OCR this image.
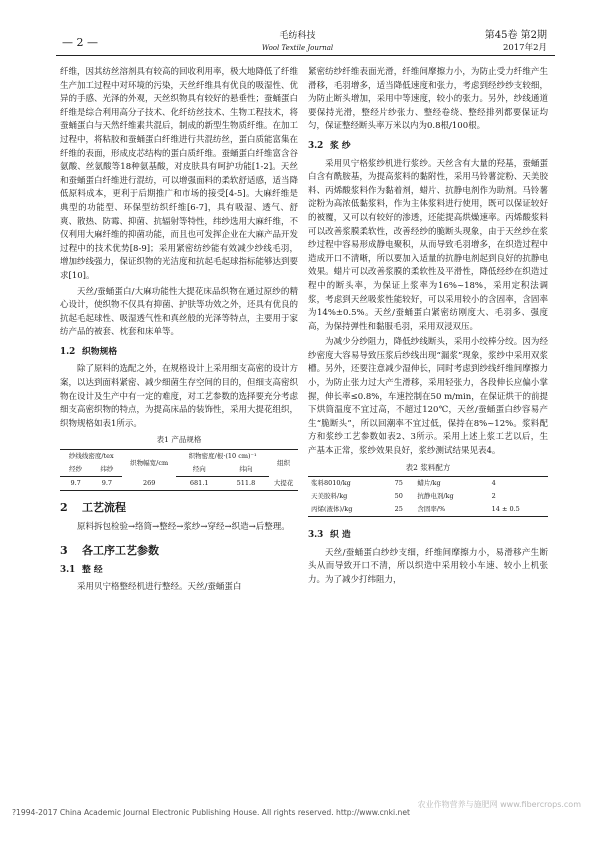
— 2 —	毛纺科技
Wool Textile Journal
第45卷 第2期
2017年2月

纤维，因其纺丝溶剂具有较高的回收利用率，极大地降低了纤维生产加工过程中对环境的污染，天丝纤维具有优良的吸湿性、优异的手感、光泽的外观，天丝织物具有较好的悬垂性；蚕蛹蛋白纤维是综合利用高分子技术、化纤纺丝技术、生物工程技术，将蚕蛹蛋白与天然纤维素共混后，制成的新型生物质纤维。在加工过程中，将粘胶和蚕蛹蛋白纤维进行共混纺丝，蛋白质能富集在纤维的表面，形成皮芯结构的蛋白质纤维。蚕蛹蛋白纤维富含谷氨酸、丝氨酸等18种氨基酸，对皮肤具有呵护功能[1-2]。天丝和蚕蛹蛋白纤维进行混纺，可以增强面料的柔软舒适感，适当降低原料成本，更利于后期推广和市场的接受[4-5]。大麻纤维是典型的功能型、环保型纺织纤维[6-7]，具有吸湿、透气、舒爽、散热、防霉、抑菌、抗辐射等特性，纬纱选用大麻纤维，不仅利用大麻纤维的抑菌功能，而且也可发挥企业在大麻产品开发过程中的技术优势[8-9]；采用紧密纺纱能有效减少纱线毛羽，增加纱线强力，保证织物的光洁度和抗起毛起球指标能够达到要求[10]。

天丝/蚕蛹蛋白/大麻功能性大提花床品织物在通过原纱的精心设计，使织物不仅具有抑菌、护肤等功效之外，还具有优良的抗起毛起球性、吸湿透气性和真丝般的光泽等特点，主要用于家纺产品的被套、枕套和床单等。

1.2 织物规格

除了原料的选配之外，在规格设计上采用细支高密的设计方案，以达到面料紧密、减少细菌生存空间的目的，但细支高密织物在设计及生产中有一定的难度，对工艺参数的选择要充分考虑细支高密织物的特点，为提高床品的装饰性，采用大提花组织，织物规格如表1所示。

表1 产品规格
纱线线密度/tex		织物幅宽/cm	织物密度/根·(10 cm)⁻¹		组织
经纱	纬纱		经向	纬向	
9.7	9.7	269	681.1	511.8	大提花
2 工艺流程

原料拆包检验→络筒→整经→浆纱→穿经→织造→后整理。

3 各工序工艺参数
3.1 整 经

采用贝宁格整经机进行整经。天丝/蚕蛹蛋白

紧密纺纱纤维表面光滑，纤维间摩擦力小，为防止受力纤维产生滑移，毛羽增多，适当降低速度和张力，考虑到经纱纱支较细，为防止断头增加，采用中等速度，较小的张力。另外，纱线通道要保持光滑，整经片纱张力、整经卷绕、整经排列都要保证均匀，保证整经断头率万米以内为0.8根/100根。

3.2 浆 纱

采用贝宁格浆纱机进行浆纱。天丝含有大量的羟基，蚕蛹蛋白含有酰胺基，为提高浆料的黏附性，采用马铃薯淀粉、天美胶料、丙烯酸浆料作为黏着剂，蜡片、抗静电剂作为助剂。马铃薯淀粉为高浓低黏浆料，作为主体浆料进行使用，既可以保证较好的被覆，又可以有较好的渗透，还能提高烘燥速率。丙烯酸浆料可以改善浆膜柔软性，改善经纱的脆断头现象，由于天丝纱在浆纱过程中容易形成静电聚积，从而导致毛羽增多，在织造过程中造成开口不清晰，所以要加入适量的抗静电剂起到良好的抗静电效果。蜡片可以改善浆膜的柔软性及平滑性，降低经纱在织造过程中的断头率，为保证上浆率为16%~18%，采用定积法调浆，考虑到天丝吸浆性能较好，可以采用较小的含固率，含固率为14%±0.5%。天丝/蚕蛹蛋白紧密纺刚度大、毛羽多、强度高，为保持弹性和黏服毛羽，采用双浸双压。

为减少分纱阻力，降低纱线断头，采用小绞棒分绞。因为经纱密度大容易导致压浆后纱线出现“漏浆”现象，浆纱中采用双浆槽。另外，还要注意减少湿伸长，同时考虑到纱线纤维间摩擦力小，为防止张力过大产生滑移，采用轻张力，各段伸长应偏小掌握，伸长率≤0.8%，车速控制在50 m/min，在保证烘干的前提下烘筒温度不宜过高，不超过120℃，天丝/蚕蛹蛋白纱容易产生“脆断头”，所以回潮率不宜过低，保持在8%~12%。浆料配方和浆纱工艺参数如表2、3所示。采用上述上浆工艺以后，生产基本正常，浆纱效果良好，浆纱测试结果见表4。

表2 浆料配方
浆料8010/kg	75	蜡片/kg	4
天美胶料/kg	50	抗静电剂/kg	2
丙烯(液体)/kg	25	含固率/%	14 ± 0.5
3.3 织 造

天丝/蚕蛹蛋白纱纱支细，纤维间摩擦力小，易滑移产生断头从而导致开口不清，所以织造中采用较小车速、较小上机张力。为了减少打纬阻力，

?1994-2017 China Academic Journal Electronic Publishing House. All rights reserved. http://www.cnki.net
农业作物营养与施肥网 www.fibercrops.com
